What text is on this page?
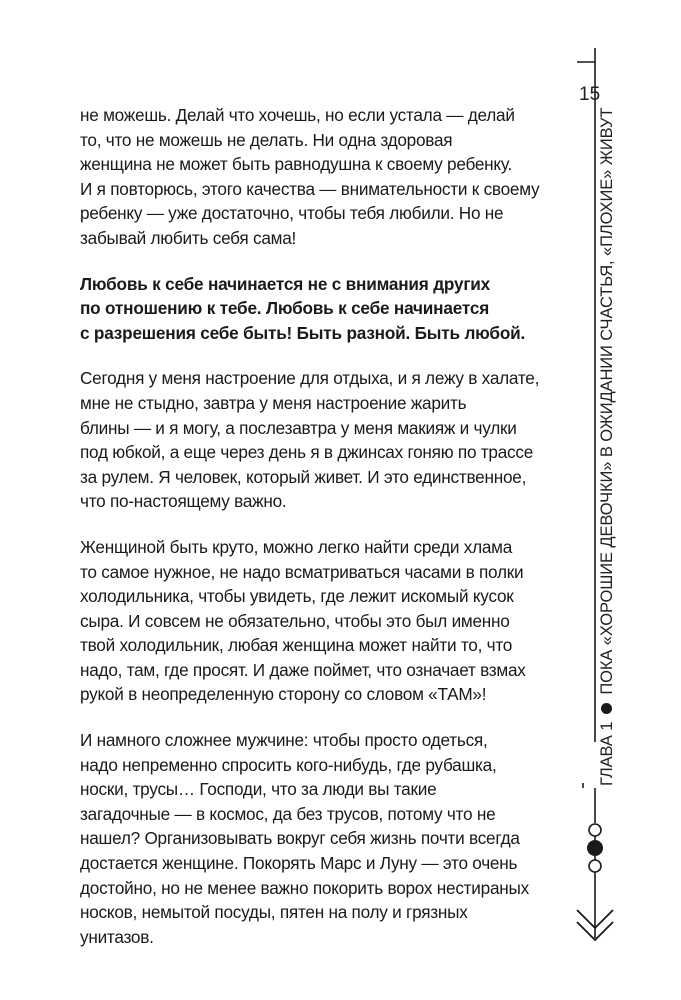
не можешь. Делай что хочешь, но если устала — делай
то, что не можешь не делать. Ни одна здоровая
женщина не может быть равнодушна к своему ребенку.
И я повторюсь, этого качества — внимательности к своему
ребенку — уже достаточно, чтобы тебя любили. Но не
забывай любить себя сама!

Любовь к себе начинается не с внимания других
по отношению к тебе. Любовь к себе начинается
с разрешения себе быть! Быть разной. Быть любой.

Сегодня у меня настроение для отдыха, и я лежу в халате,
мне не стыдно, завтра у меня настроение жарить
блины — и я могу, а послезавтра у меня макияж и чулки
под юбкой, а еще через день я в джинсах гоняю по трассе
за рулем. Я человек, который живет. И это единственное,
что по-настоящему важно.

Женщиной быть круто, можно легко найти среди хлама
то самое нужное, не надо всматриваться часами в полки
холодильника, чтобы увидеть, где лежит искомый кусок
сыра. И совсем не обязательно, чтобы это был именно
твой холодильник, любая женщина может найти то, что
надо, там, где просят. И даже поймет, что означает взмах
рукой в неопределенную сторону со словом «ТАМ»!

И намного сложнее мужчине: чтобы просто одеться,
надо непременно спросить кого-нибудь, где рубашка,
носки, трусы… Господи, что за люди вы такие
загадочные — в космос, да без трусов, потому что не
нашел? Организовывать вокруг себя жизнь почти всегда
достается женщине. Покорять Марс и Луну — это очень
достойно, но не менее важно покорить ворох нестираных
носков, немытой посуды, пятен на полу и грязных
унитазов.

15
ГЛАВА 1ПОКА «ХОРОШИЕ ДЕВОЧКИ» В ОЖИДАНИИ СЧАСТЬЯ, «ПЛОХИЕ» ЖИВУТ
